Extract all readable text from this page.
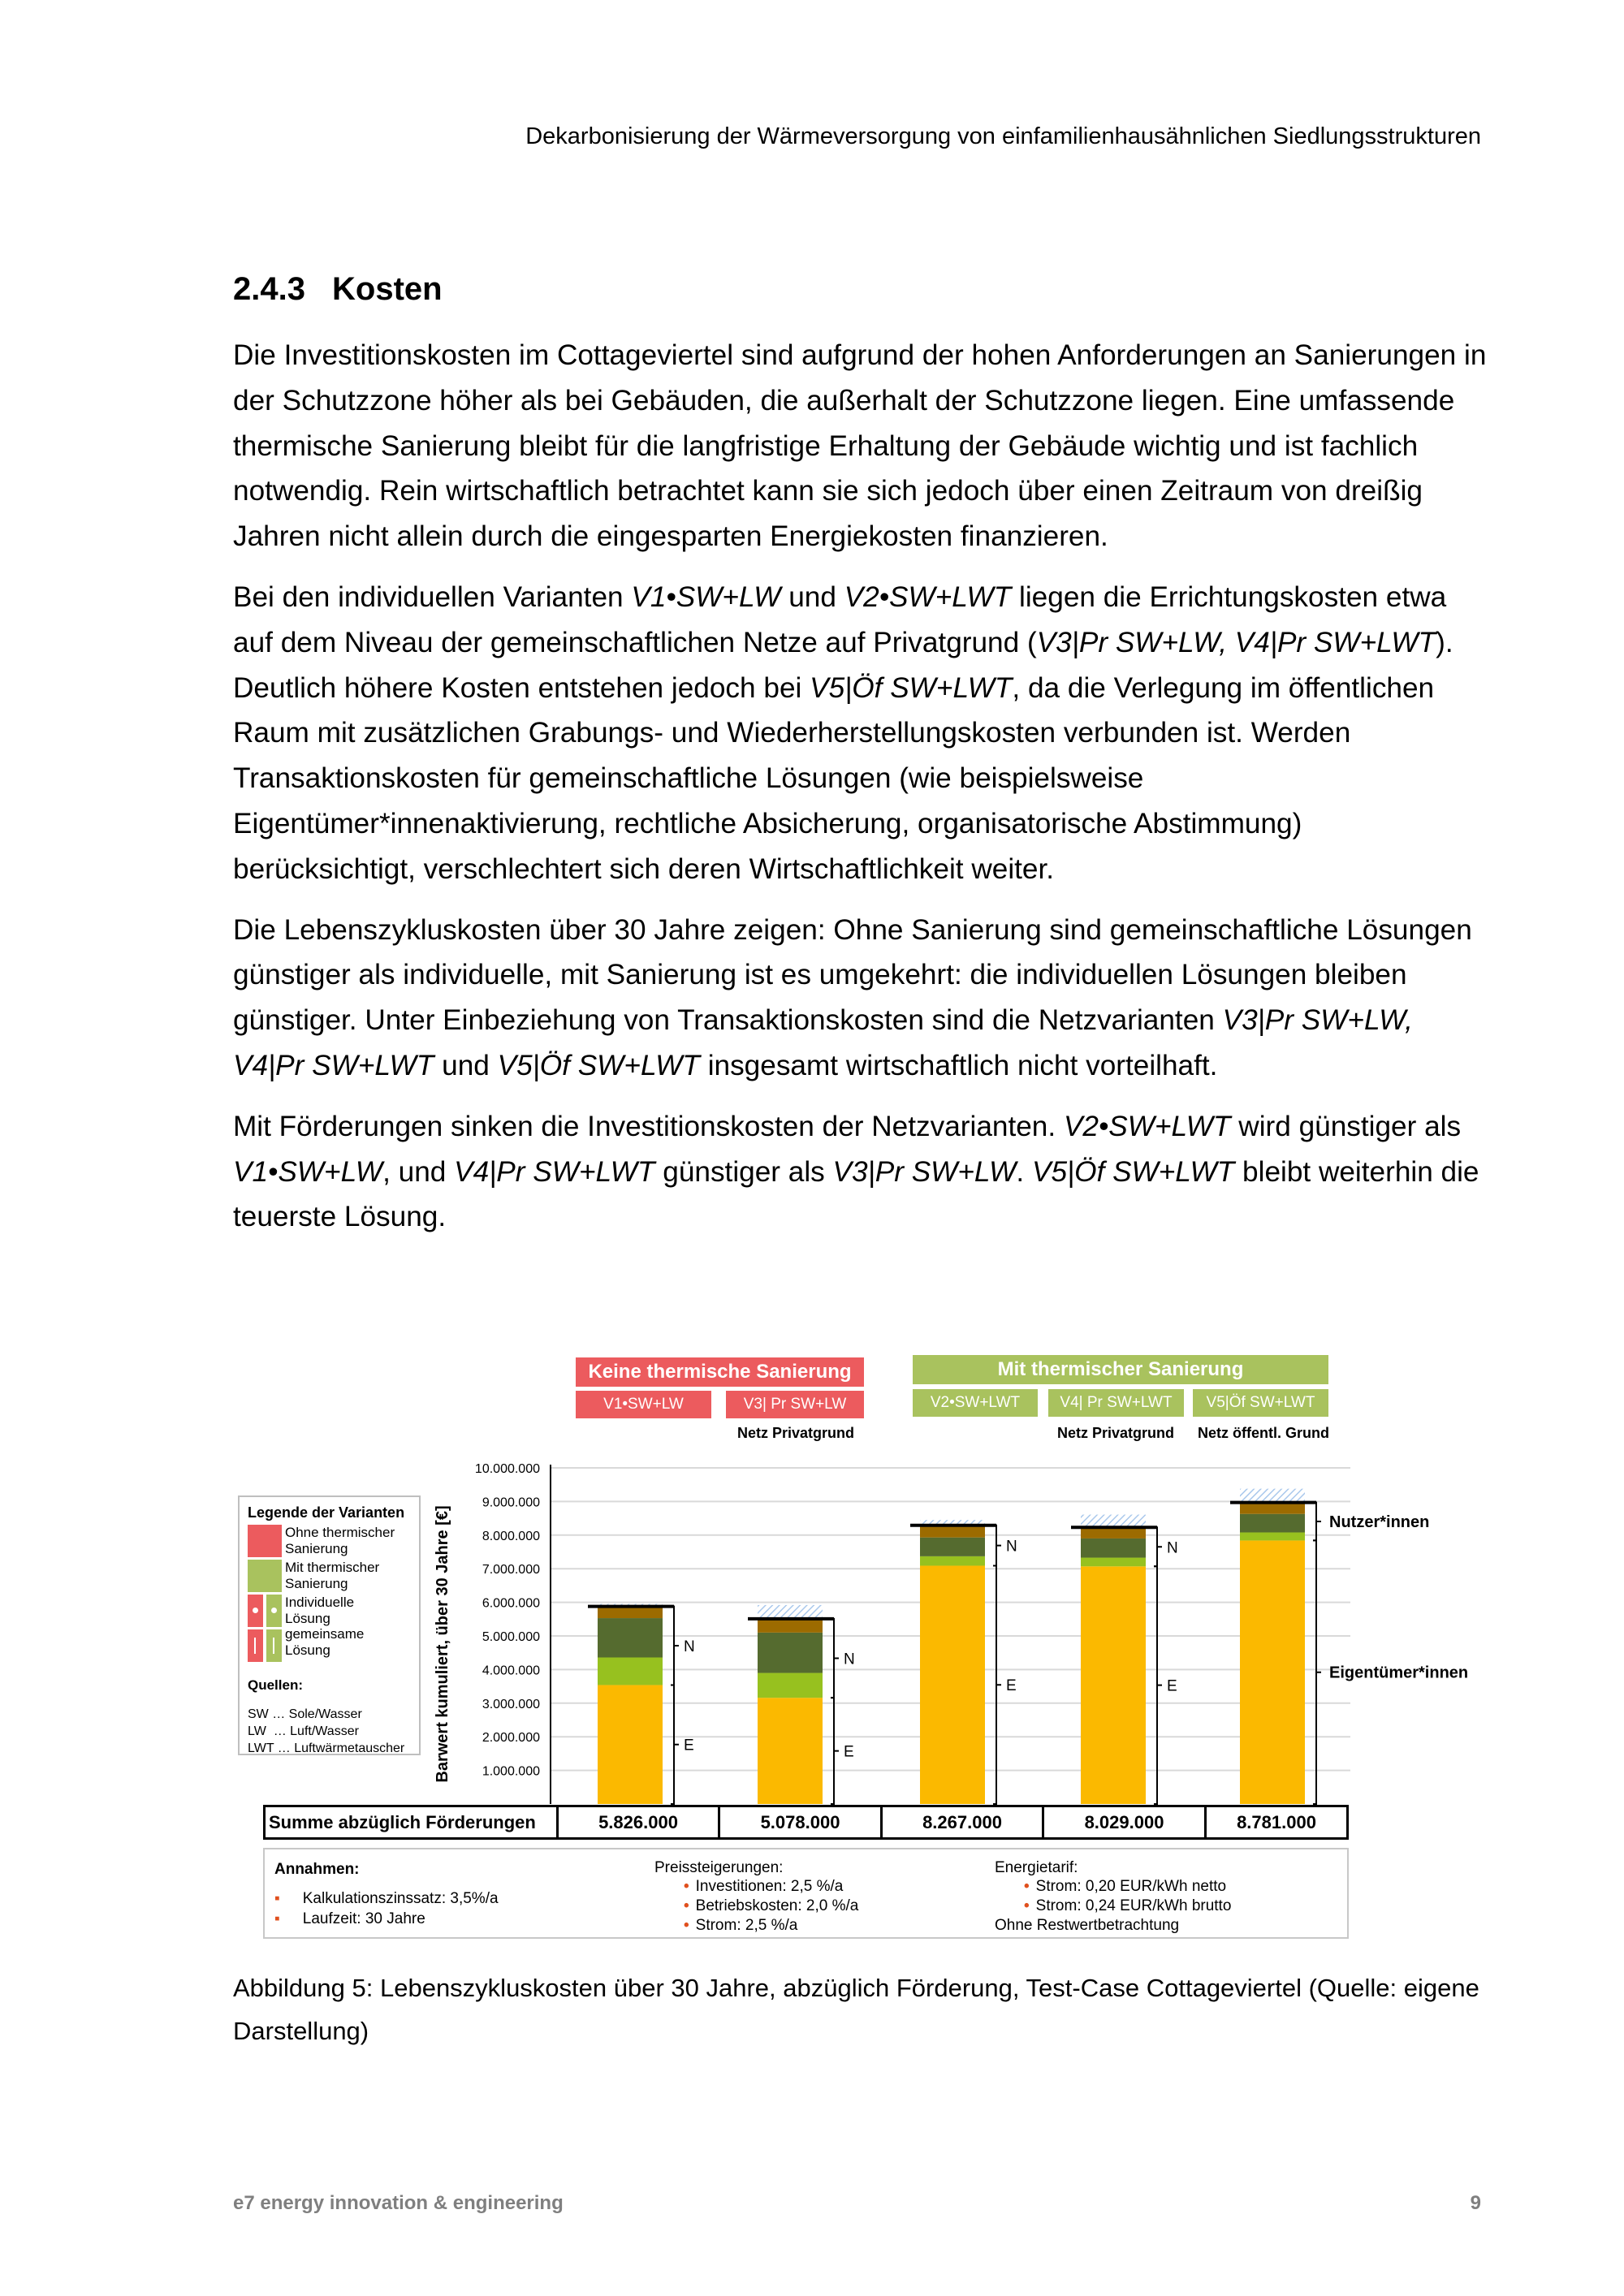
Dekarbonisierung der Wärmeversorgung von einfamilienhausähnlichen Siedlungsstrukturen
2.4.3 Kosten

Die Investitionskosten im Cottageviertel sind aufgrund der hohen Anforderungen an Sanierungen in der Schutzzone höher als bei Gebäuden, die außerhalt der Schutzzone liegen. Eine umfassende thermische Sanierung bleibt für die langfristige Erhaltung der Gebäude wichtig und ist fachlich notwendig. Rein wirtschaftlich betrachtet kann sie sich jedoch über einen Zeitraum von dreißig Jahren nicht allein durch die eingesparten Energiekosten finanzieren.

Bei den individuellen Varianten V1•SW+LW und V2•SW+LWT liegen die Errichtungskosten etwa auf dem Niveau der gemeinschaftlichen Netze auf Privatgrund (V3|Pr SW+LW, V4|Pr SW+LWT). Deutlich höhere Kosten entstehen jedoch bei V5|Öf SW+LWT, da die Verlegung im öffentlichen Raum mit zusätzlichen Grabungs- und Wiederherstellungskosten verbunden ist. Werden Transaktionskosten für gemeinschaftliche Lösungen (wie beispielsweise Eigentümer*innenaktivierung, rechtliche Absicherung, organisatorische Abstimmung) berücksichtigt, verschlechtert sich deren Wirtschaftlichkeit weiter.

Die Lebenszykluskosten über 30 Jahre zeigen: Ohne Sanierung sind gemeinschaftliche Lösungen günstiger als individuelle, mit Sanierung ist es umgekehrt: die individuellen Lösungen bleiben günstiger. Unter Einbeziehung von Transaktionskosten sind die Netzvarianten V3|Pr SW+LW, V4|Pr SW+LWT und V5|Öf SW+LWT insgesamt wirtschaftlich nicht vorteilhaft.

Mit Förderungen sinken die Investitionskosten der Netzvarianten. V2•SW+LWT wird günstiger als V1•SW+LW, und V4|Pr SW+LWT günstiger als V3|Pr SW+LW. V5|Öf SW+LWT bleibt weiterhin die teuerste Lösung.

Keine thermische Sanierung	Mit thermischer Sanierung
V1•SW+LW	V3| Pr SW+LW	V2•SW+LWT	V4| Pr SW+LWT	V5|Öf SW+LWT
Netz Privatgrund	Netz Privatgrund Netz öffentl. Grund
Legende der Varianten
Ohne thermischer Sanierung
Mit thermischer Sanierung
Individuelle Lösung
gemeinsame Lösung
Quellen:
SW … Sole/Wasser
LW  … Luft/Wasser
LWT … Luftwärmetauscher
1.000.000
2.000.000
3.000.000
4.000.000
5.000.000
6.000.000
7.000.000
8.000.000
9.000.000
10.000.000
Barwert kumuliert, über 30 Jahre [€]	N
E
N
E
N
E
N
E
Nutzer*innen
Eigentümer*innen
Summe abzüglich Förderungen	5.826.000	5.078.000	8.267.000	8.029.000	8.781.000
Annahmen:
▪ Kalkulationszinssatz: 3,5%/a
▪ Laufzeit: 30 Jahre
Preissteigerungen:
• Investitionen: 2,5 %/a
• Betriebskosten: 2,0 %/a
• Strom: 2,5 %/a
Energietarif:
• Strom: 0,20 EUR/kWh netto
• Strom: 0,24 EUR/kWh brutto
Ohne Restwertbetrachtung
Abbildung 5: Lebenszykluskosten über 30 Jahre, abzüglich Förderung, Test-Case Cottageviertel (Quelle: eigene Darstellung)
e7 energy innovation & engineering	9
